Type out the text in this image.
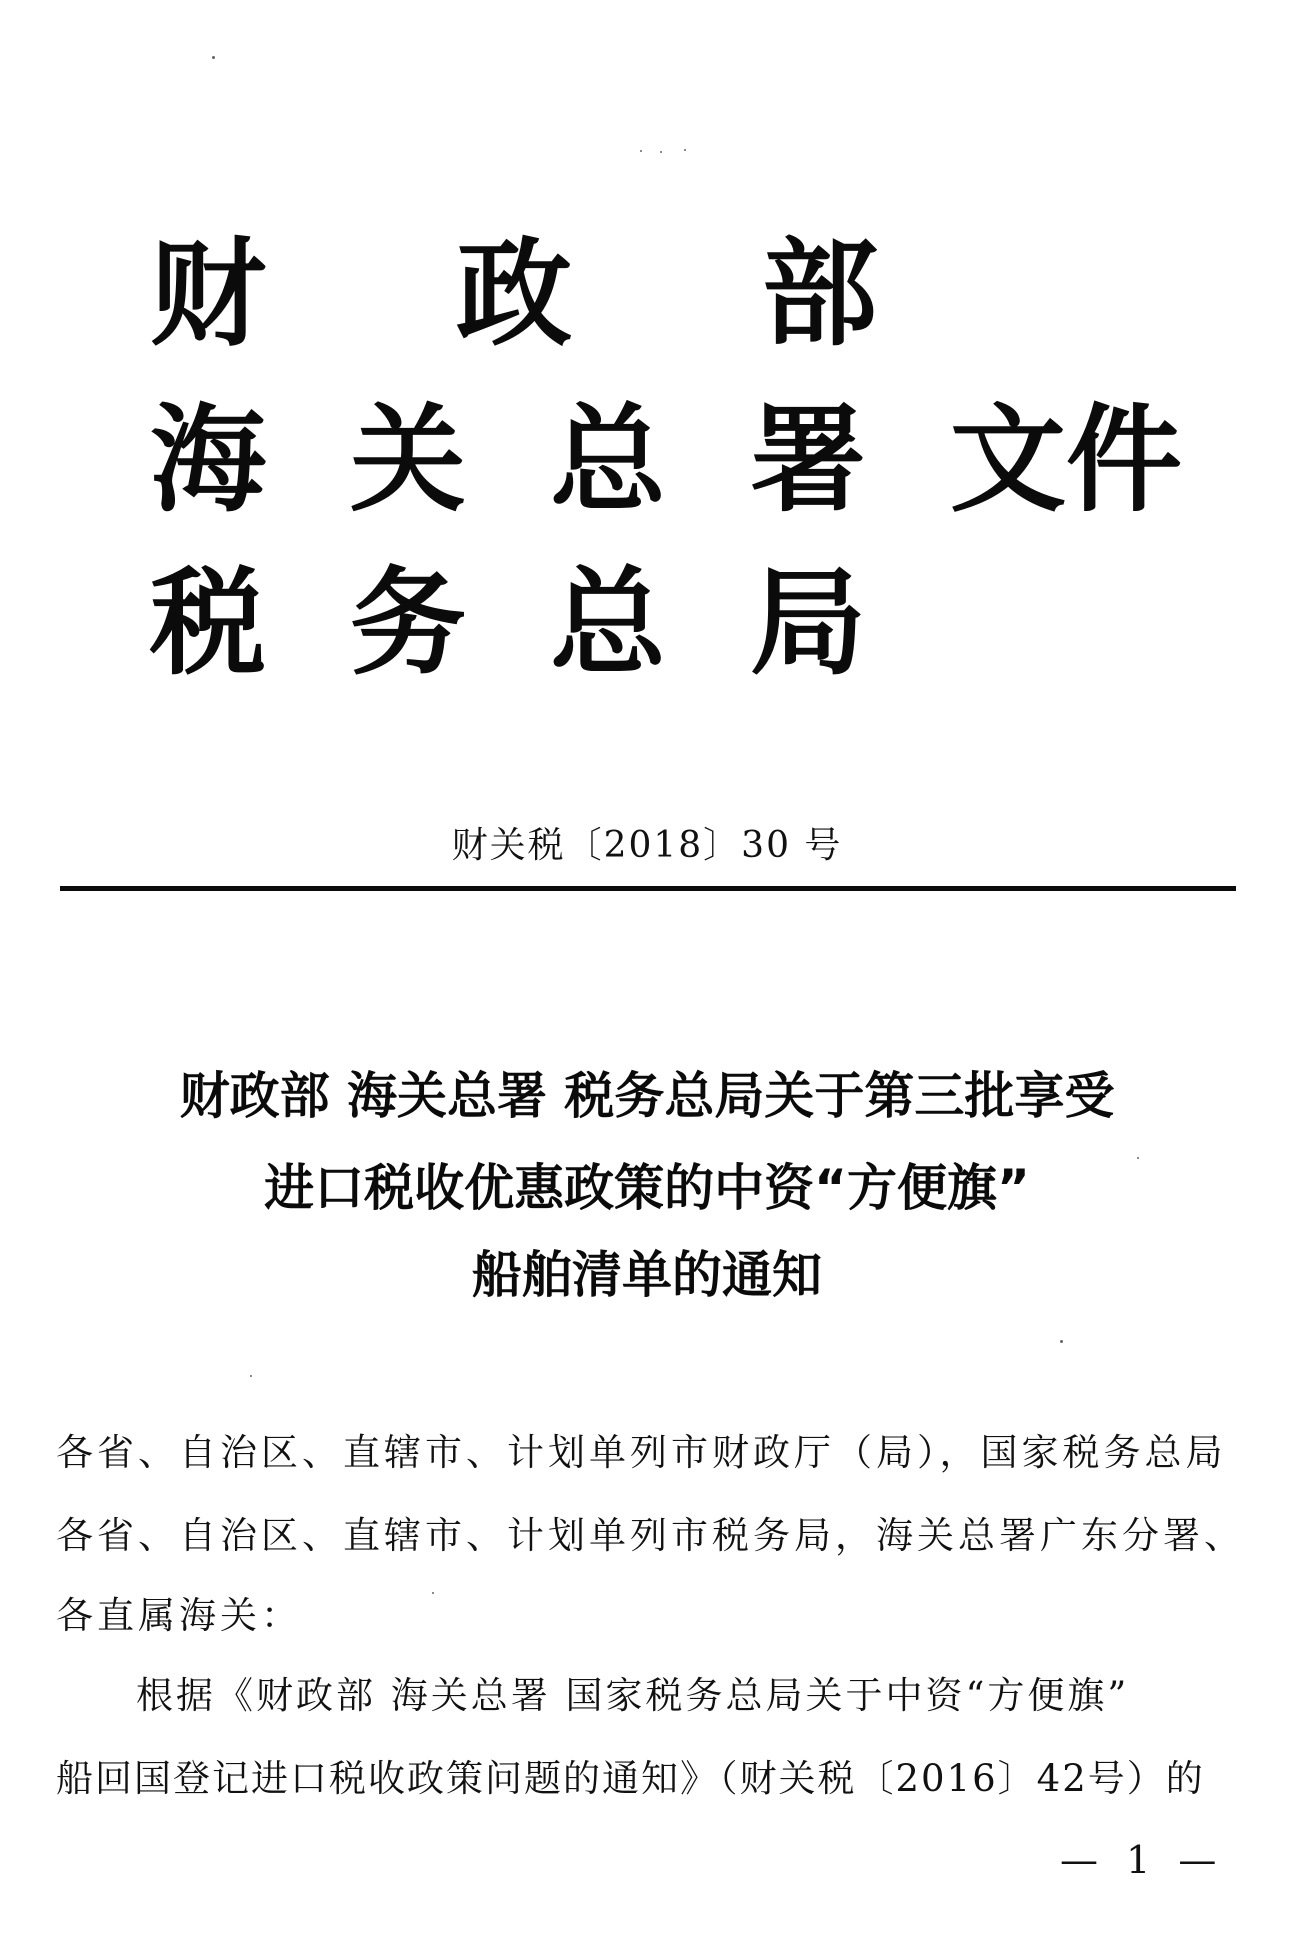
财 政 部
海 关 总 署 文 件
税 务 总 局
财关税〔2018〕30 号
财政部 海关总署 税务总局关于第三批享受
进口税收优惠政策的中资“方便旗”
船舶清单的通知
各省、自治区、直辖市、计划单列市财政厅（局），国家税务总局
各省、自治区、直辖市、计划单列市税务局，海关总署广东分署、
各直属海关：
根据《财政部 海关总署 国家税务总局关于中资“方便旗”
船回国登记进口税收政策问题的通知》（财关税〔2016〕42号）的
— 1 —
